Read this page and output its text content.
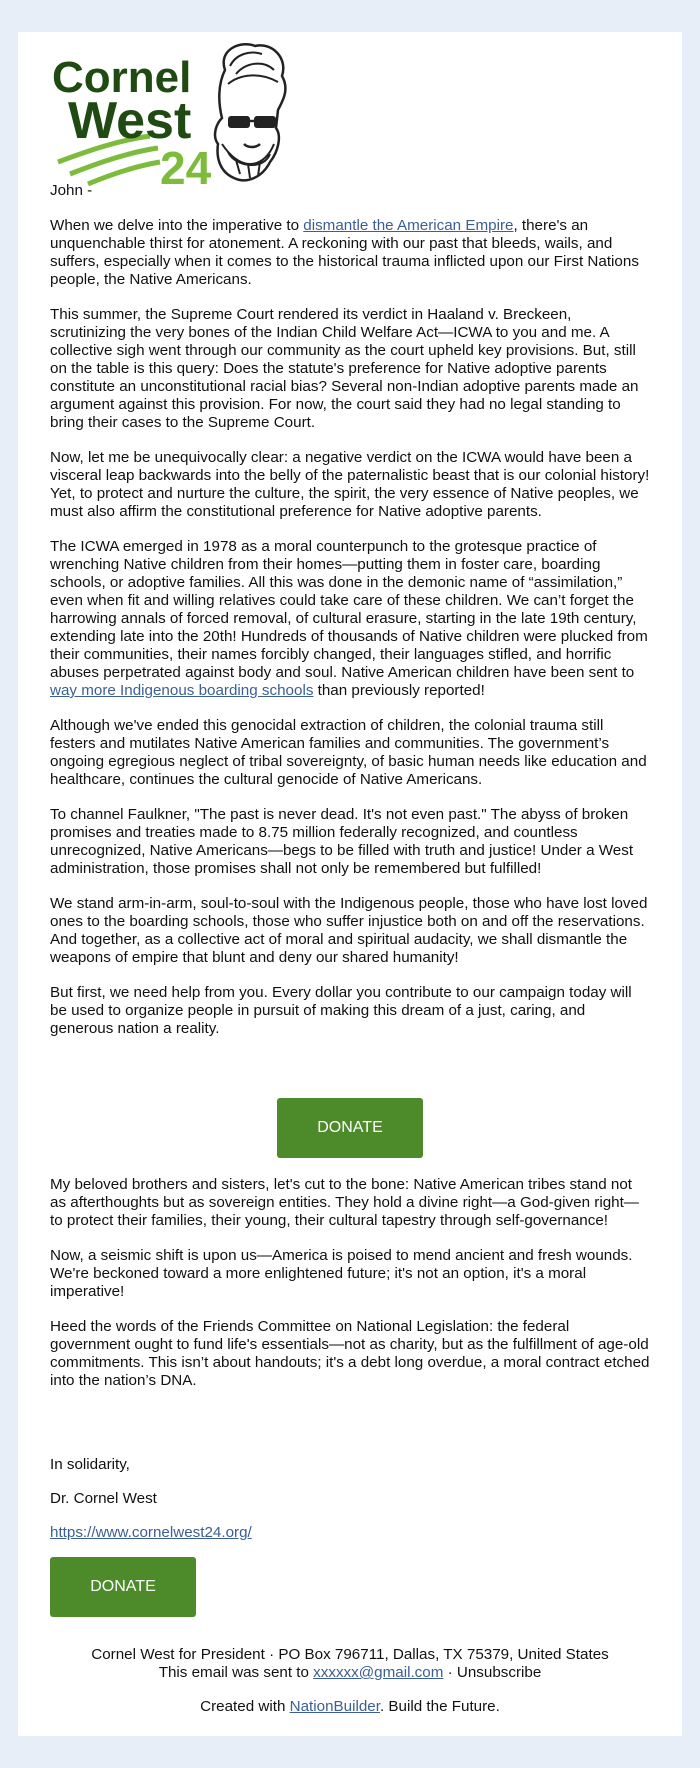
Cornel
West
24

John -

When we delve into the imperative to dismantle the American Empire, there's an unquenchable thirst for atonement. A reckoning with our past that bleeds, wails, and suffers, especially when it comes to the historical trauma inflicted upon our First Nations people, the Native Americans.

This summer, the Supreme Court rendered its verdict in Haaland v. Breckeen, scrutinizing the very bones of the Indian Child Welfare Act—ICWA to you and me. A collective sigh went through our community as the court upheld key provisions. But, still on the table is this query: Does the statute's preference for Native adoptive parents constitute an unconstitutional racial bias? Several non-Indian adoptive parents made an argument against this provision. For now, the court said they had no legal standing to bring their cases to the Supreme Court.

Now, let me be unequivocally clear: a negative verdict on the ICWA would have been a visceral leap backwards into the belly of the paternalistic beast that is our colonial history! Yet, to protect and nurture the culture, the spirit, the very essence of Native peoples, we must also affirm the constitutional preference for Native adoptive parents.

The ICWA emerged in 1978 as a moral counterpunch to the grotesque practice of wrenching Native children from their homes—putting them in foster care, boarding schools, or adoptive families. All this was done in the demonic name of “assimilation,” even when fit and willing relatives could take care of these children. We can’t forget the harrowing annals of forced removal, of cultural erasure, starting in the late 19th century, extending late into the 20th! Hundreds of thousands of Native children were plucked from their communities, their names forcibly changed, their languages stifled, and horrific abuses perpetrated against body and soul. Native American children have been sent to way more Indigenous boarding schools than previously reported!

Although we've ended this genocidal extraction of children, the colonial trauma still festers and mutilates Native American families and communities. The government’s ongoing egregious neglect of tribal sovereignty, of basic human needs like education and healthcare, continues the cultural genocide of Native Americans.

To channel Faulkner, "The past is never dead. It's not even past." The abyss of broken promises and treaties made to 8.75 million federally recognized, and countless unrecognized, Native Americans—begs to be filled with truth and justice! Under a West administration, those promises shall not only be remembered but fulfilled!

We stand arm-in-arm, soul-to-soul with the Indigenous people, those who have lost loved ones to the boarding schools, those who suffer injustice both on and off the reservations. And together, as a collective act of moral and spiritual audacity, we shall dismantle the weapons of empire that blunt and deny our shared humanity!

But first, we need help from you. Every dollar you contribute to our campaign today will be used to organize people in pursuit of making this dream of a just, caring, and generous nation a reality.

DONATE

My beloved brothers and sisters, let's cut to the bone: Native American tribes stand not as afterthoughts but as sovereign entities. They hold a divine right—a God-given right—to protect their families, their young, their cultural tapestry through self-governance!

Now, a seismic shift is upon us—America is poised to mend ancient and fresh wounds. We're beckoned toward a more enlightened future; it's not an option, it's a moral imperative!

Heed the words of the Friends Committee on National Legislation: the federal government ought to fund life's essentials—not as charity, but as the fulfillment of age-old commitments. This isn’t about handouts; it's a debt long overdue, a moral contract etched into the nation’s DNA.

In solidarity,
Dr. Cornel West
https://www.cornelwest24.org/
DONATE
Cornel West for President · PO Box 796711, Dallas, TX 75379, United States
This email was sent to xxxxxx@gmail.com · Unsubscribe
Created with NationBuilder. Build the Future.
